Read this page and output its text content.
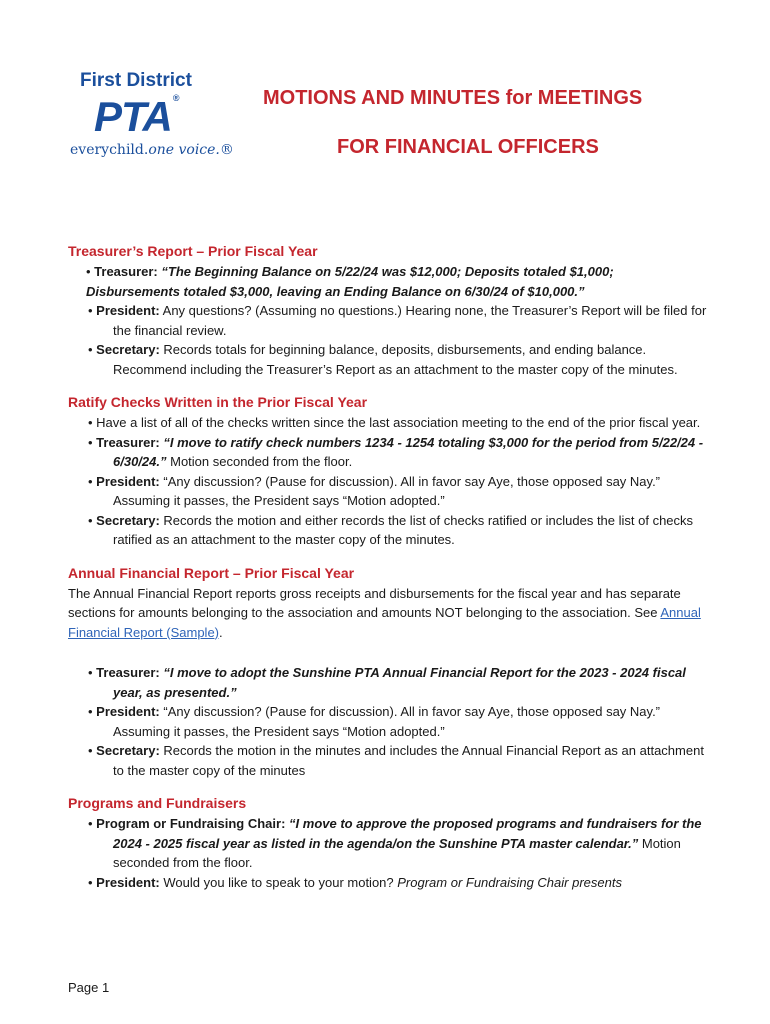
First District
PTA®
everychild.one voice.®
MOTIONS AND MINUTES for MEETINGS
FOR FINANCIAL OFFICERS
Treasurer’s Report – Prior Fiscal Year

• Treasurer: “The Beginning Balance on 5/22/24 was $12,000; Deposits totaled $1,000; Disbursements totaled $3,000, leaving an Ending Balance on 6/30/24 of $10,000.”

• President: Any questions? (Assuming no questions.) Hearing none, the Treasurer’s Report will be filed for the financial review.

• Secretary: Records totals for beginning balance, deposits, disbursements, and ending balance. Recommend including the Treasurer’s Report as an attachment to the master copy of the minutes.

Ratify Checks Written in the Prior Fiscal Year

• Have a list of all of the checks written since the last association meeting to the end of the prior fiscal year.

• Treasurer: “I move to ratify check numbers 1234 - 1254 totaling $3,000 for the period from 5/22/24 - 6/30/24.” Motion seconded from the floor.

• President: “Any discussion? (Pause for discussion). All in favor say Aye, those opposed say Nay.” Assuming it passes, the President says “Motion adopted.”

• Secretary: Records the motion and either records the list of checks ratified or includes the list of checks ratified as an attachment to the master copy of the minutes.

Annual Financial Report – Prior Fiscal Year

The Annual Financial Report reports gross receipts and disbursements for the fiscal year and has separate sections for amounts belonging to the association and amounts NOT belonging to the association. See Annual Financial Report (Sample).

• Treasurer: “I move to adopt the Sunshine PTA Annual Financial Report for the 2023 - 2024 fiscal year, as presented.”

• President: “Any discussion? (Pause for discussion). All in favor say Aye, those opposed say Nay.” Assuming it passes, the President says “Motion adopted.”

• Secretary: Records the motion in the minutes and includes the Annual Financial Report as an attachment to the master copy of the minutes

Programs and Fundraisers

• Program or Fundraising Chair: “I move to approve the proposed programs and fundraisers for the 2024 - 2025 fiscal year as listed in the agenda/on the Sunshine PTA master calendar.” Motion seconded from the floor.

• President: Would you like to speak to your motion? Program or Fundraising Chair presents

Page 1
